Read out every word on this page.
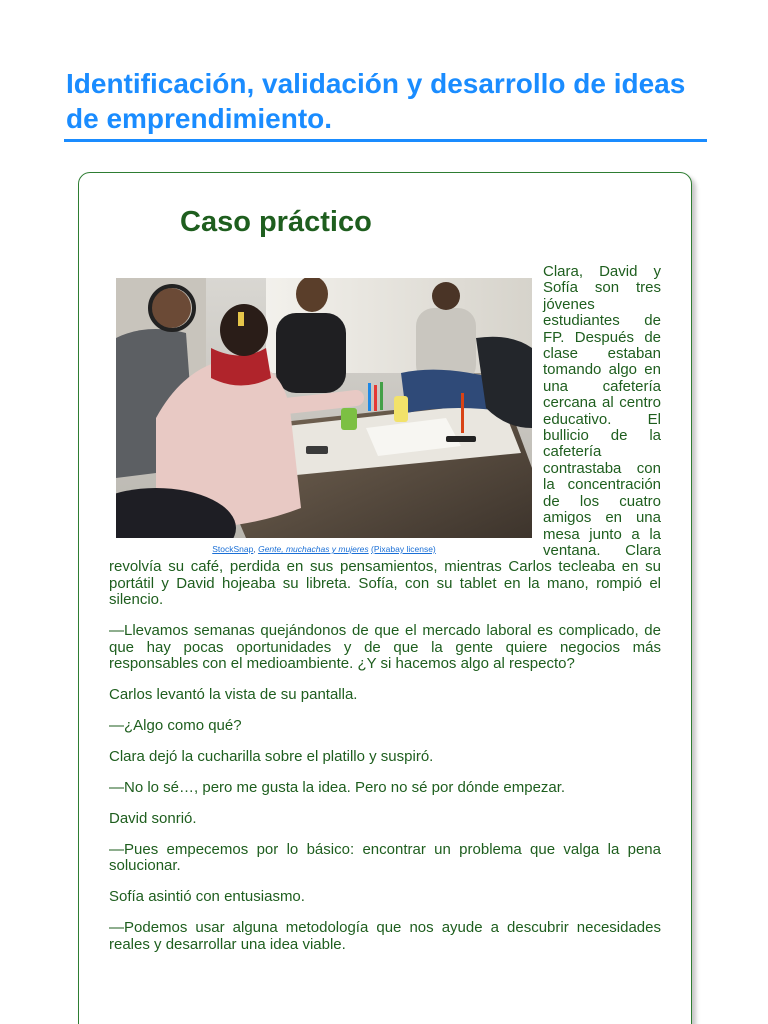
Identificación, validación y desarrollo de ideas de emprendimiento.
Caso práctico
StockSnap, Gente, muchachas y mujeres (Pixabay license)

Clara, David y Sofía son tres jóvenes estudiantes de FP. Después de clase estaban tomando algo en una cafetería cercana al centro educativo. El bullicio de la cafetería contrastaba con la concentración de los cuatro amigos en una mesa junto a la ventana. Clara revolvía su café, perdida en sus pensamientos, mientras Carlos tecleaba en su portátil y David hojeaba su libreta. Sofía, con su tablet en la mano, rompió el silencio.

—Llevamos semanas quejándonos de que el mercado laboral es complicado, de que hay pocas oportunidades y de que la gente quiere negocios más responsables con el medioambiente. ¿Y si hacemos algo al respecto?

Carlos levantó la vista de su pantalla.

—¿Algo como qué?

Clara dejó la cucharilla sobre el platillo y suspiró.

—No lo sé…, pero me gusta la idea. Pero no sé por dónde empezar.

David sonrió.

—Pues empecemos por lo básico: encontrar un problema que valga la pena solucionar.

Sofía asintió con entusiasmo.

—Podemos usar alguna metodología que nos ayude a descubrir necesidades reales y desarrollar una idea viable.
